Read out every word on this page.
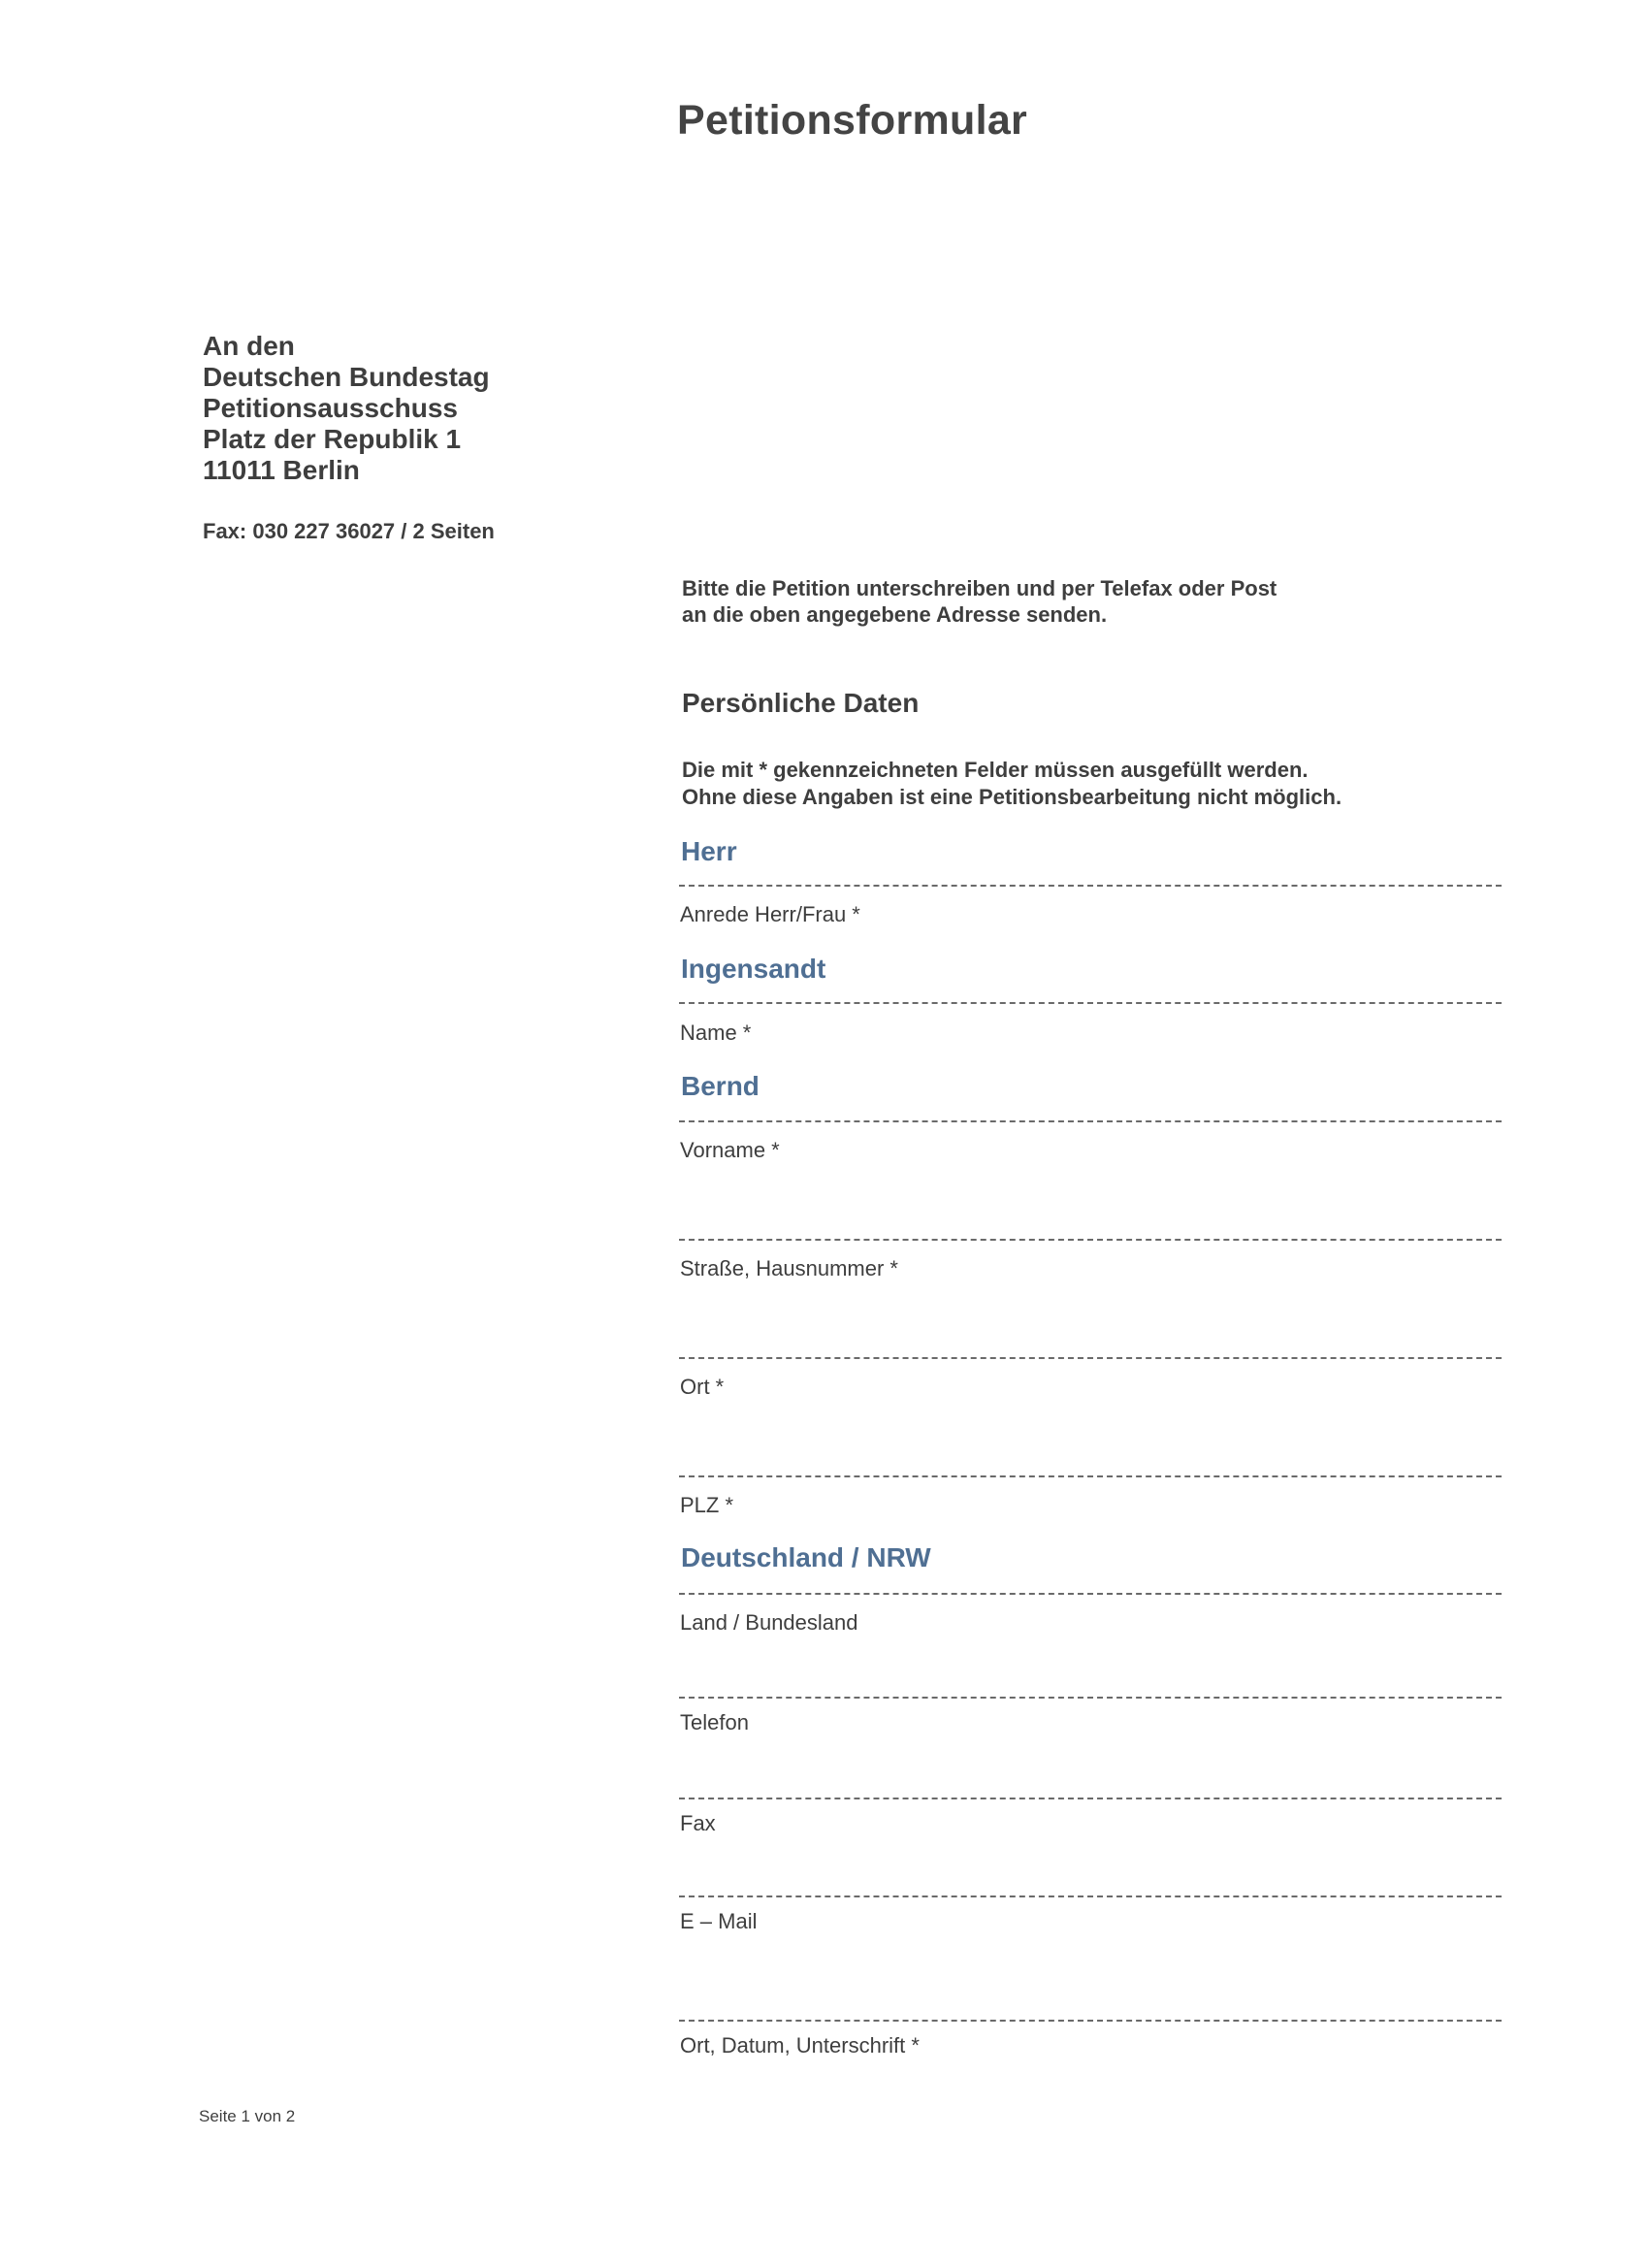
Petitionsformular
An den
Deutschen Bundestag
Petitionsausschuss
Platz der Republik 1
11011 Berlin
Fax: 030 227 36027 / 2 Seiten
Bitte die Petition unterschreiben und per Telefax oder Post
an die oben angegebene Adresse senden.
Persönliche Daten
Die mit * gekennzeichneten Felder müssen ausgefüllt werden.
Ohne diese Angaben ist eine Petitionsbearbeitung nicht möglich.
Herr
Anrede Herr/Frau *
Ingensandt
Name *
Bernd
Vorname *
Straße, Hausnummer *
Ort *
PLZ *
Deutschland / NRW
Land / Bundesland
Telefon
Fax
E – Mail
Ort, Datum, Unterschrift *
Seite 1 von 2
